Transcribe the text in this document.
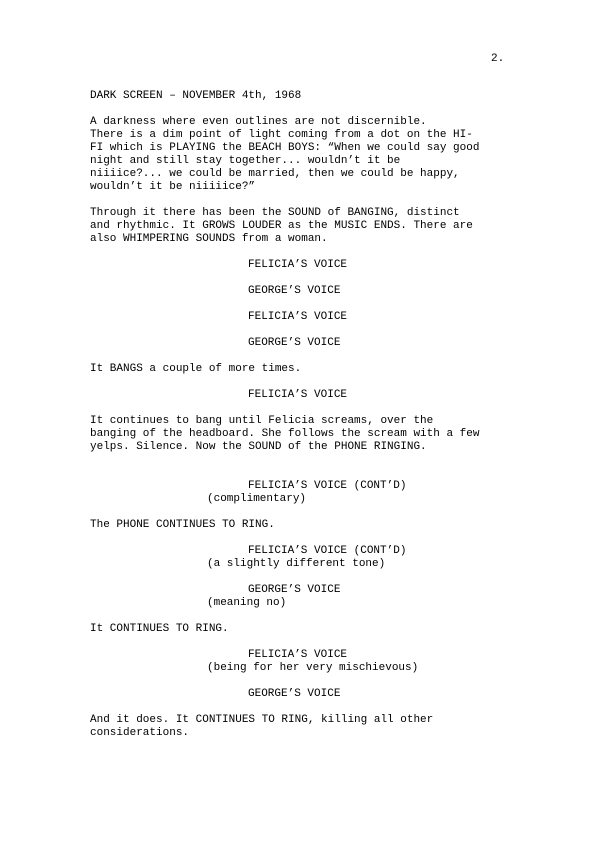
2.
DARK SCREEN – NOVEMBER 4th, 1968
A darkness where even outlines are not discernible.
There is a dim point of light coming from a dot on the HI-
FI which is PLAYING the BEACH BOYS: “When we could say good
night and still stay together... wouldn’t it be
niiiice?... we could be married, then we could be happy,
wouldn’t it be niiiiice?”
Through it there has been the SOUND of BANGING, distinct
and rhythmic. It GROWS LOUDER as the MUSIC ENDS. There are
also WHIMPERING SOUNDS from a woman.
FELICIA’S VOICE
GEORGE’S VOICE
FELICIA’S VOICE
GEORGE’S VOICE
It BANGS a couple of more times.
FELICIA’S VOICE
It continues to bang until Felicia screams, over the
banging of the headboard. She follows the scream with a few
yelps. Silence. Now the SOUND of the PHONE RINGING.
FELICIA’S VOICE (CONT’D)
(complimentary)
The PHONE CONTINUES TO RING.
FELICIA’S VOICE (CONT’D)
(a slightly different tone)
GEORGE’S VOICE
(meaning no)
It CONTINUES TO RING.
FELICIA’S VOICE
(being for her very mischievous)
GEORGE’S VOICE
And it does. It CONTINUES TO RING, killing all other
considerations.
